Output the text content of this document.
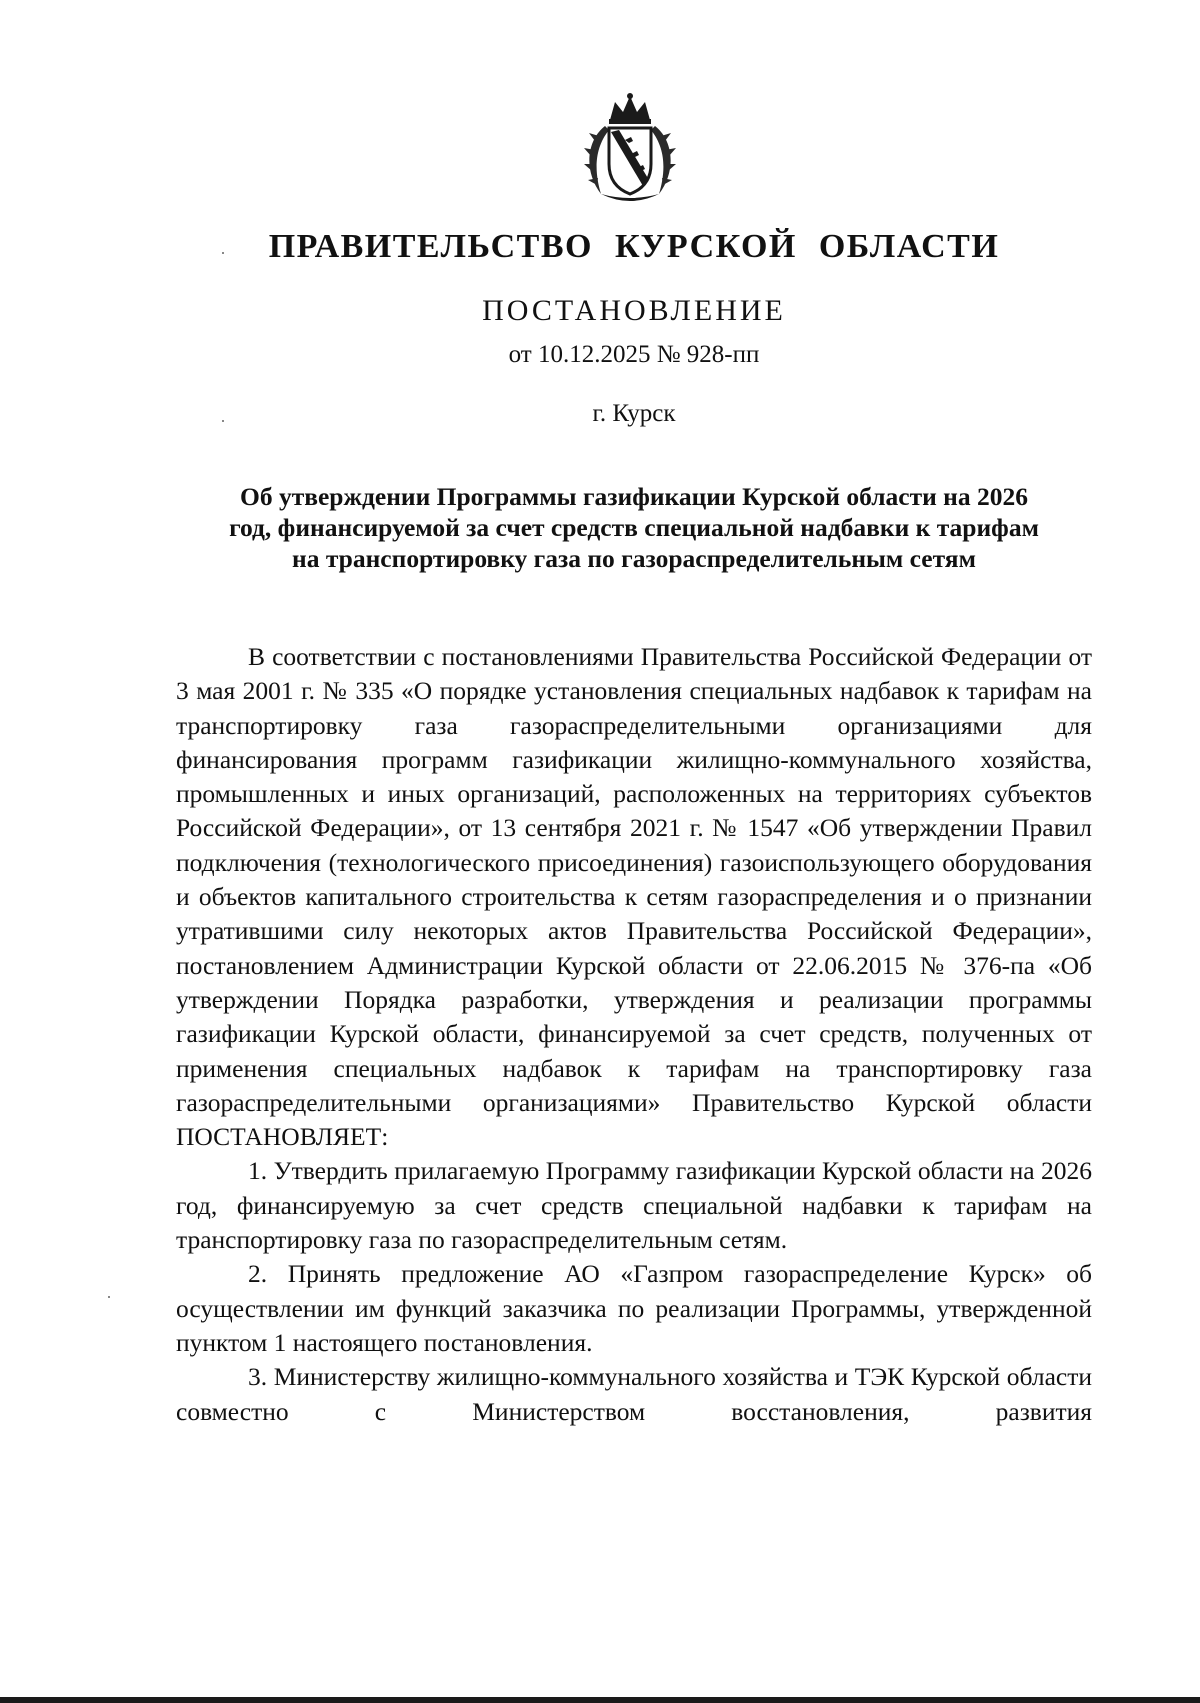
ПРАВИТЕЛЬСТВО КУРСКОЙ ОБЛАСТИ
ПОСТАНОВЛЕНИЕ
от 10.12.2025 № 928-пп
г. Курск
Об утверждении Программы газификации Курской области на 2026
год, финансируемой за счет средств специальной надбавки к тарифам
на транспортировку газа по газораспределительным сетям

В соответствии с постановлениями Правительства Российской Федерации от 3 мая 2001 г. № 335 «О порядке установления специальных надбавок к тарифам на транспортировку газа газораспределительными организациями для финансирования программ газификации жилищно-коммунального хозяйства, промышленных и иных организаций, расположенных на территориях субъектов Российской Федерации», от 13 сентября 2021 г. № 1547 «Об утверждении Правил подключения (технологического присоединения) газоиспользующего оборудования и объектов капитального строительства к сетям газораспределения и о признании утратившими силу некоторых актов Правительства Российской Федерации», постановлением Администрации Курской области от 22.06.2015 № 376-па «Об утверждении Порядка разработки, утверждения и реализации программы газификации Курской области, финансируемой за счет средств, полученных от применения специальных надбавок к тарифам на транспортировку газа газораспределительными организациями» Правительство Курской области ПОСТАНОВЛЯЕТ:

1. Утвердить прилагаемую Программу газификации Курской области на 2026 год, финансируемую за счет средств специальной надбавки к тарифам на транспортировку газа по газораспределительным сетям.

2. Принять предложение АО «Газпром газораспределение Курск» об осуществлении им функций заказчика по реализации Программы, утвержденной пунктом 1 настоящего постановления.

3. Министерству жилищно-коммунального хозяйства и ТЭК Курской области совместно с Министерством восстановления, развития
